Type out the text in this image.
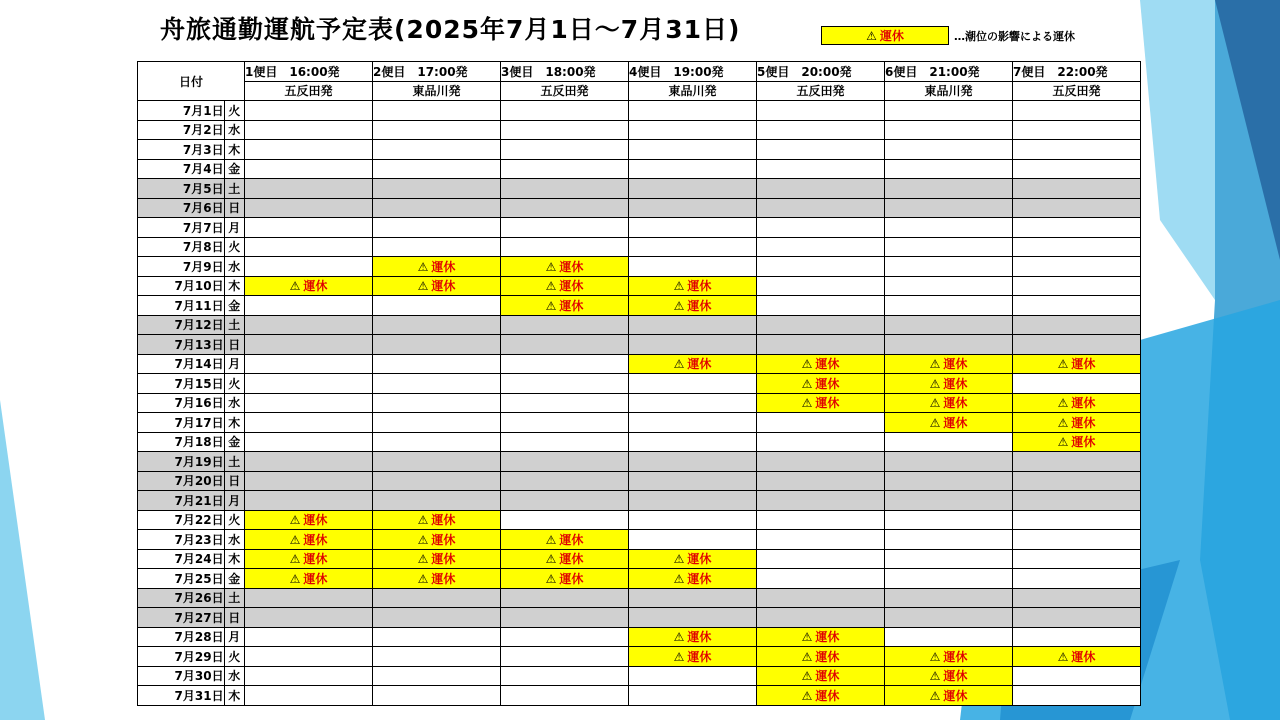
舟旅通勤運航予定表(2025年7月1日～7月31日)	⚠ 運休	…潮位の影響による運休
日付		1便目　16:00発	2便目　17:00発	3便目　18:00発	4便目　19:00発	5便目　20:00発	6便目　21:00発	7便目　22:00発
		五反田発	東品川発	五反田発	東品川発	五反田発	東品川発	五反田発
7月1日	火							
7月2日	水							
7月3日	木							
7月4日	金							
7月5日	土							
7月6日	日							
7月7日	月							
7月8日	火							
7月9日	水		⚠ 運休	⚠ 運休				
7月10日	木	⚠ 運休	⚠ 運休	⚠ 運休	⚠ 運休			
7月11日	金			⚠ 運休	⚠ 運休			
7月12日	土							
7月13日	日							
7月14日	月				⚠ 運休	⚠ 運休	⚠ 運休	⚠ 運休
7月15日	火					⚠ 運休	⚠ 運休	
7月16日	水					⚠ 運休	⚠ 運休	⚠ 運休
7月17日	木						⚠ 運休	⚠ 運休
7月18日	金							⚠ 運休
7月19日	土							
7月20日	日							
7月21日	月							
7月22日	火	⚠ 運休	⚠ 運休					
7月23日	水	⚠ 運休	⚠ 運休	⚠ 運休				
7月24日	木	⚠ 運休	⚠ 運休	⚠ 運休	⚠ 運休			
7月25日	金	⚠ 運休	⚠ 運休	⚠ 運休	⚠ 運休			
7月26日	土							
7月27日	日							
7月28日	月				⚠ 運休	⚠ 運休		
7月29日	火				⚠ 運休	⚠ 運休	⚠ 運休	⚠ 運休
7月30日	水					⚠ 運休	⚠ 運休	
7月31日	木					⚠ 運休	⚠ 運休	
